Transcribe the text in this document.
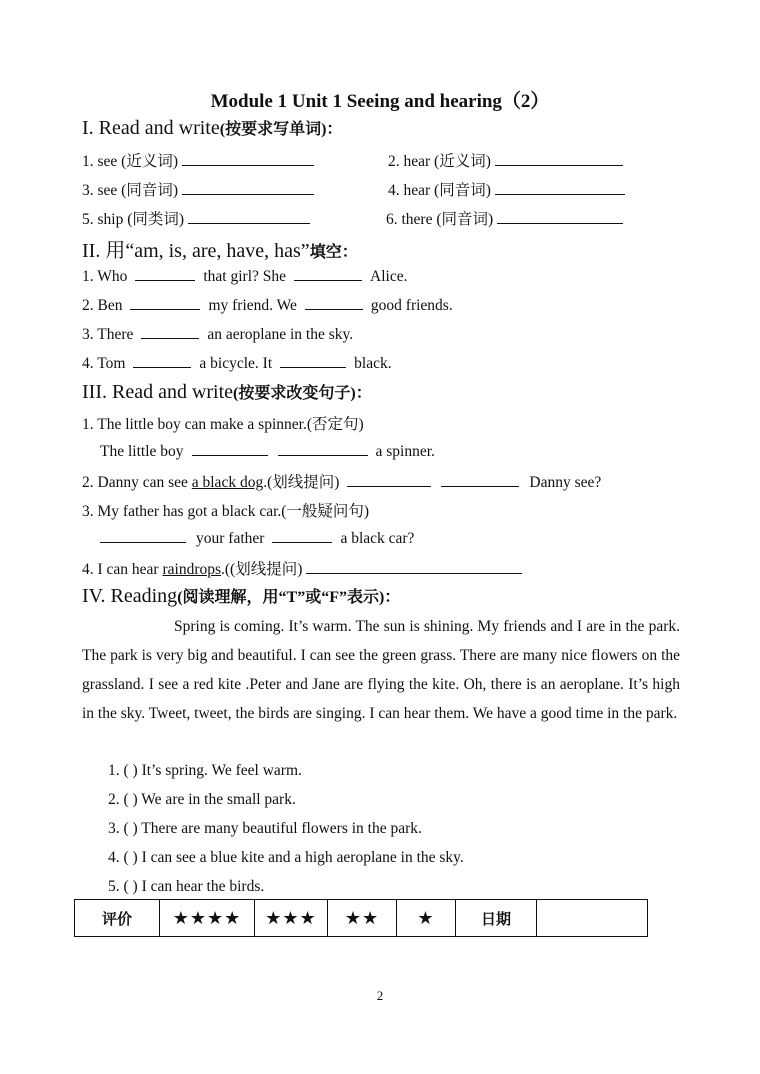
Module 1 Unit 1 Seeing and hearing（2）
I. Read and write(按要求写单词)：
1. see (近义词)	2. hear (近义词)
3. see (同音词)	4. hear (同音词)
5. ship (同类词)	6. there (同音词)
II. 用“am, is, are, have, has”填空：
1. Who	that girl? She	Alice.
2. Ben	my friend. We	good friends.
3. There	an aeroplane in the sky.
4. Tom	a bicycle. It	black.
III. Read and write(按要求改变句子)：
1. The little boy can make a spinner.(否定句)
The little boy	a spinner.
2. Danny can see a black dog.(划线提问)	Danny see?
3. My father has got a black car.(一般疑问句)
your father	a black car?
4. I can hear raindrops.((划线提问)
IV. Reading(阅读理解，用“T”或“F”表示)：
Spring is coming. It’s warm. The sun is shining. My friends and I are in the park. The park is very big and beautiful. I can see the green grass. There are many nice flowers on the grassland. I see a red kite .Peter and Jane are flying the kite. Oh, there is an aeroplane. It’s high in the sky. Tweet, tweet, the birds are singing. I can hear them. We have a good time in the park.
1. ( ) It’s spring. We feel warm.
2. ( ) We are in the small park.
3. ( ) There are many beautiful flowers in the park.
4. ( ) I can see a blue kite and a high aeroplane in the sky.
5. ( ) I can hear the birds.
评价	★★★★	★★★	★★	★	日期	
2
